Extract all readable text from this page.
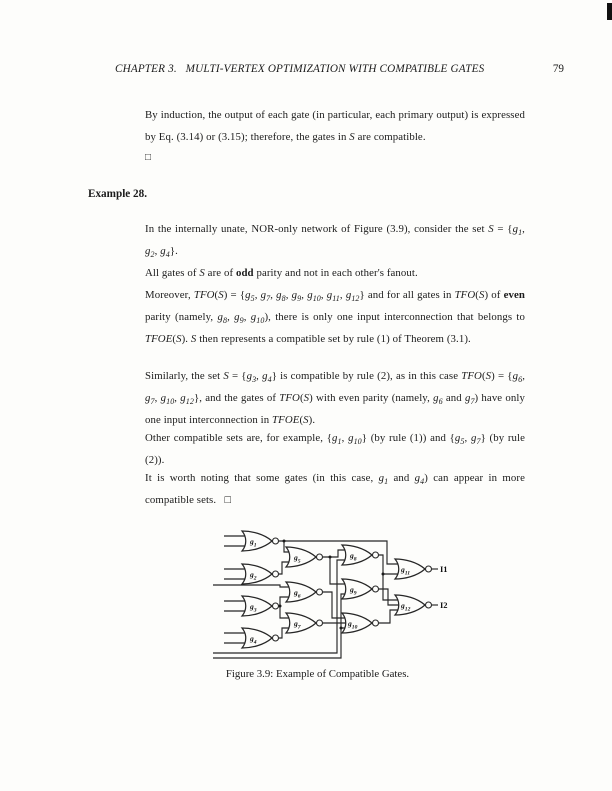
CHAPTER 3.   MULTI-VERTEX OPTIMIZATION WITH COMPATIBLE GATES	79
By induction, the output of each gate (in particular, each primary output) is expressed by Eq. (3.14) or (3.15); therefore, the gates in S are compatible.
□
Example 28.
In the internally unate, NOR-only network of Figure (3.9), consider the set $S = \{g_1$, $g_2$, $g_4$}.
All gates of S are of odd parity and not in each other's fanout.
Moreover, $TFO(S) = \{g_5$, $g_7$, $g_8$, $g_9$, $g_{10}$, $g_{11}$, $g_{12}$} and for all gates in TFO(S) of even parity (namely, $g_8$, $g_9$, $g_{10}$), there is only one input interconnection that belongs to TFOE(S). S then represents a compatible set by rule (1) of Theorem (3.1).
Similarly, the set $S = \{g_3$, $g_4$} is compatible by rule (2), as in this case $TFO(S) = \{g_6$, $g_7$, $g_{10}$, $g_{12}$}, and the gates of TFO(S) with even parity (namely, $g_6$ and $g_7$) have only one input interconnection in TFOE(S).
Other compatible sets are, for example, {$g_1$, $g_{10}$} (by rule (1)) and {$g_5$, $g_7$} (by rule (2)).
It is worth noting that some gates (in this case, $g_1$ and $g_4$) can appear in more compatible sets.   □
$g_1$
$g_2$
$g_3$
$g_4$
$g_5$
$g_6$
$g_7$
$g_8$
$g_9$
$g_{10}$
$g_{11}$
$g_{12}$
I1
I2
Figure 3.9: Example of Compatible Gates.
